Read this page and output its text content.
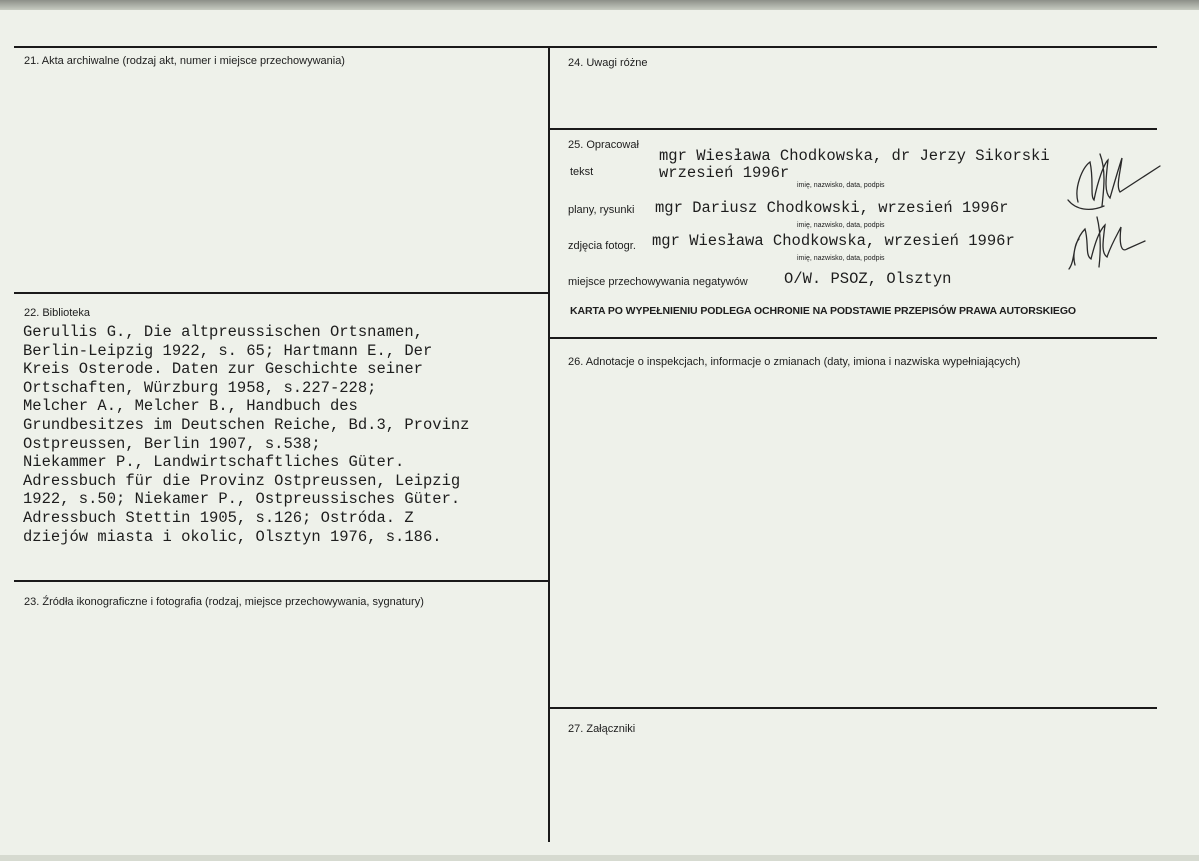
21. Akta archiwalne (rodzaj akt, numer i miejsce przechowywania)
22. Biblioteka
Gerullis G., Die altpreussischen Ortsnamen,
Berlin-Leipzig 1922, s. 65; Hartmann E., Der
Kreis Osterode. Daten zur Geschichte seiner
Ortschaften, Würzburg 1958, s.227-228;
Melcher A., Melcher B., Handbuch des
Grundbesitzes im Deutschen Reiche, Bd.3, Provinz
Ostpreussen, Berlin 1907, s.538;
Niekammer P., Landwirtschaftliches Güter.
Adressbuch für die Provinz Ostpreussen, Leipzig
1922, s.50; Niekamer P., Ostpreussisches Güter.
Adressbuch Stettin 1905, s.126; Ostróda. Z
dziejów miasta i okolic, Olsztyn 1976, s.186.
23. Źródła ikonograficzne i fotografia (rodzaj, miejsce przechowywania, sygnatury)
24. Uwagi różne
25. Opracował
tekst
mgr Wiesława Chodkowska, dr Jerzy Sikorski
wrzesień 1996r
imię, nazwisko, data, podpis
plany, rysunki mgr Dariusz Chodkowski, wrzesień 1996r
imię, nazwisko, data, podpis
zdjęcia fotogr. mgr Wiesława Chodkowska, wrzesień 1996r
imię, nazwisko, data, podpis
miejsce przechowywania negatywów O/W. PSOZ, Olsztyn
KARTA PO WYPEŁNIENIU PODLEGA OCHRONIE NA PODSTAWIE PRZEPISÓW PRAWA AUTORSKIEGO
26. Adnotacje o inspekcjach, informacje o zmianach (daty, imiona i nazwiska wypełniających)
27. Załączniki
